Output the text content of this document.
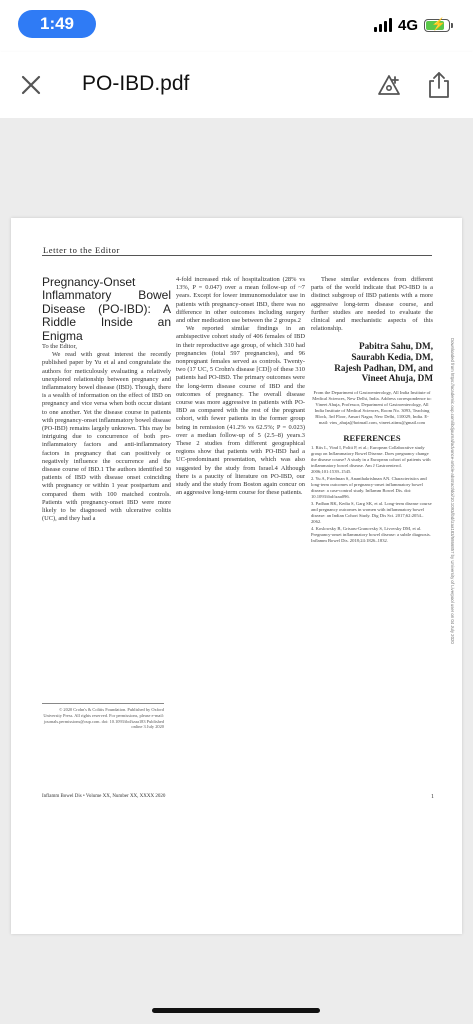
1:49	4G ⚡
PO-IBD.pdf
Letter to the Editor

Pregnancy-Onset Inflammatory Bowel Disease (PO-IBD): A Riddle Inside an Enigma

To the Editor,

We read with great interest the recently published paper by Yu et al and congratulate the authors for meticulously evaluating a relatively unexplored relationship between pregnancy and inflammatory bowel disease (IBD). Though, there is a wealth of information on the effect of IBD on pregnancy and vice versa when both occur distant to one another. Yet the disease course in patients with pregnancy-onset inflammatory bowel disease (PO-IBD) remains largely unknown. This may be intriguing due to concurrence of both pro-inflammatory factors and anti-inflammatory factors in pregnancy that can positively or negatively influence the occurrence and the disease course of IBD.1 The authors identified 50 patients of IBD with disease onset coinciding with pregnancy or within 1 year postpartum and compared them with 100 matched controls. Patients with pregnancy-onset IBD were more likely to be diagnosed with ulcerative colitis (UC), and they had a

4-fold increased risk of hospitalization (28% vs 13%, P = 0.047) over a mean follow-up of ~7 years. Except for lower immunomodulator use in patients with pregnancy-onset IBD, there was no difference in other outcomes including surgery and other medication use between the 2 groups.2

We reported similar findings in an ambispective cohort study of 406 females of IBD in their reproductive age group, of which 310 had pregnancies (total 597 pregnancies), and 96 nonpregnant females served as controls. Twenty-two (17 UC, 5 Crohn's disease [CD]) of these 310 patients had PO-IBD. The primary outcomes were the long-term disease course of IBD and the outcomes of pregnancy. The overall disease course was more aggressive in patients with PO-IBD as compared with the rest of the pregnant cohort, with fewer patients in the former group being in remission (41.2% vs 62.5%; P = 0.023) over a median follow-up of 5 (2.5–8) years.3 These 2 studies from different geographical regions show that patients with PO-IBD had a UC-predominant presentation, which was also suggested by the study from Israel.4 Although there is a paucity of literature on PO-IBD, our study and the study from Boston again concur on an aggressive long-term course for these patients.

These similar evidences from different parts of the world indicate that PO-IBD is a distinct subgroup of IBD patients with a more aggressive long-term disease course, and further studies are needed to evaluate the clinical and mechanistic aspects of this relationship.

Pabitra Sahu, DM,
Saurabh Kedia, DM,
Rajesh Padhan, DM, and
Vineet Ahuja, DM
From the Department of Gastroenterology, All India Institute of Medical Sciences, New Delhi, India. Address correspondence to: Vineet Ahuja, Professor, Department of Gastroenterology, All India Institute of Medical Sciences, Room No. 3093, Teaching Block, 3rd Floor, Ansari Nagar, New Delhi, 110029, India. E-mail: vins_ahuja@hotmail.com, vineet.aiims@gmail.com
REFERENCES
1. Riis L, Vind I, Politi P, et al.; European Collaborative study group on Inflammatory Bowel Disease. Does pregnancy change the disease course? A study in a European cohort of patients with inflammatory bowel disease. Am J Gastroenterol. 2006;101:1539–1545.
2. Yu A, Friedman S, Ananthakrishnan AN. Characteristics and long-term outcomes of pregnancy-onset inflammatory bowel disease: a case-control study. Inflamm Bowel Dis. doi: 10.1093/ibd/izaa096.
3. Padhan RK, Kedia S, Garg SK, et al. Long-term disease course and pregnancy outcomes in women with inflammatory bowel disease: an Indian Cohort Study. Dig Dis Sci. 2017;62:2054–2062.
4. Koslowsky B, Grisaru-Granovsky S, Livovsky DM, et al. Pregnancy-onset inflammatory bowel disease: a subtle diagnosis. Inflamm Bowel Dis. 2018;24:1826–1832.
© 2020 Crohn's & Colitis Foundation. Published by Oxford University Press. All rights reserved. For permissions, please e-mail: journals.permissions@oup.com. doi: 10.1093/ibd/izaa183 Published online 3 July 2020
Inflamm Bowel Dis • Volume XX, Number XX, XXXX 2020	1
Downloaded from https://academic.oup.com/ibdjournal/advance-article-abstract/doi/10.1093/ibd/izaa183/5866857 by University of Liverpool user on 04 July 2020
